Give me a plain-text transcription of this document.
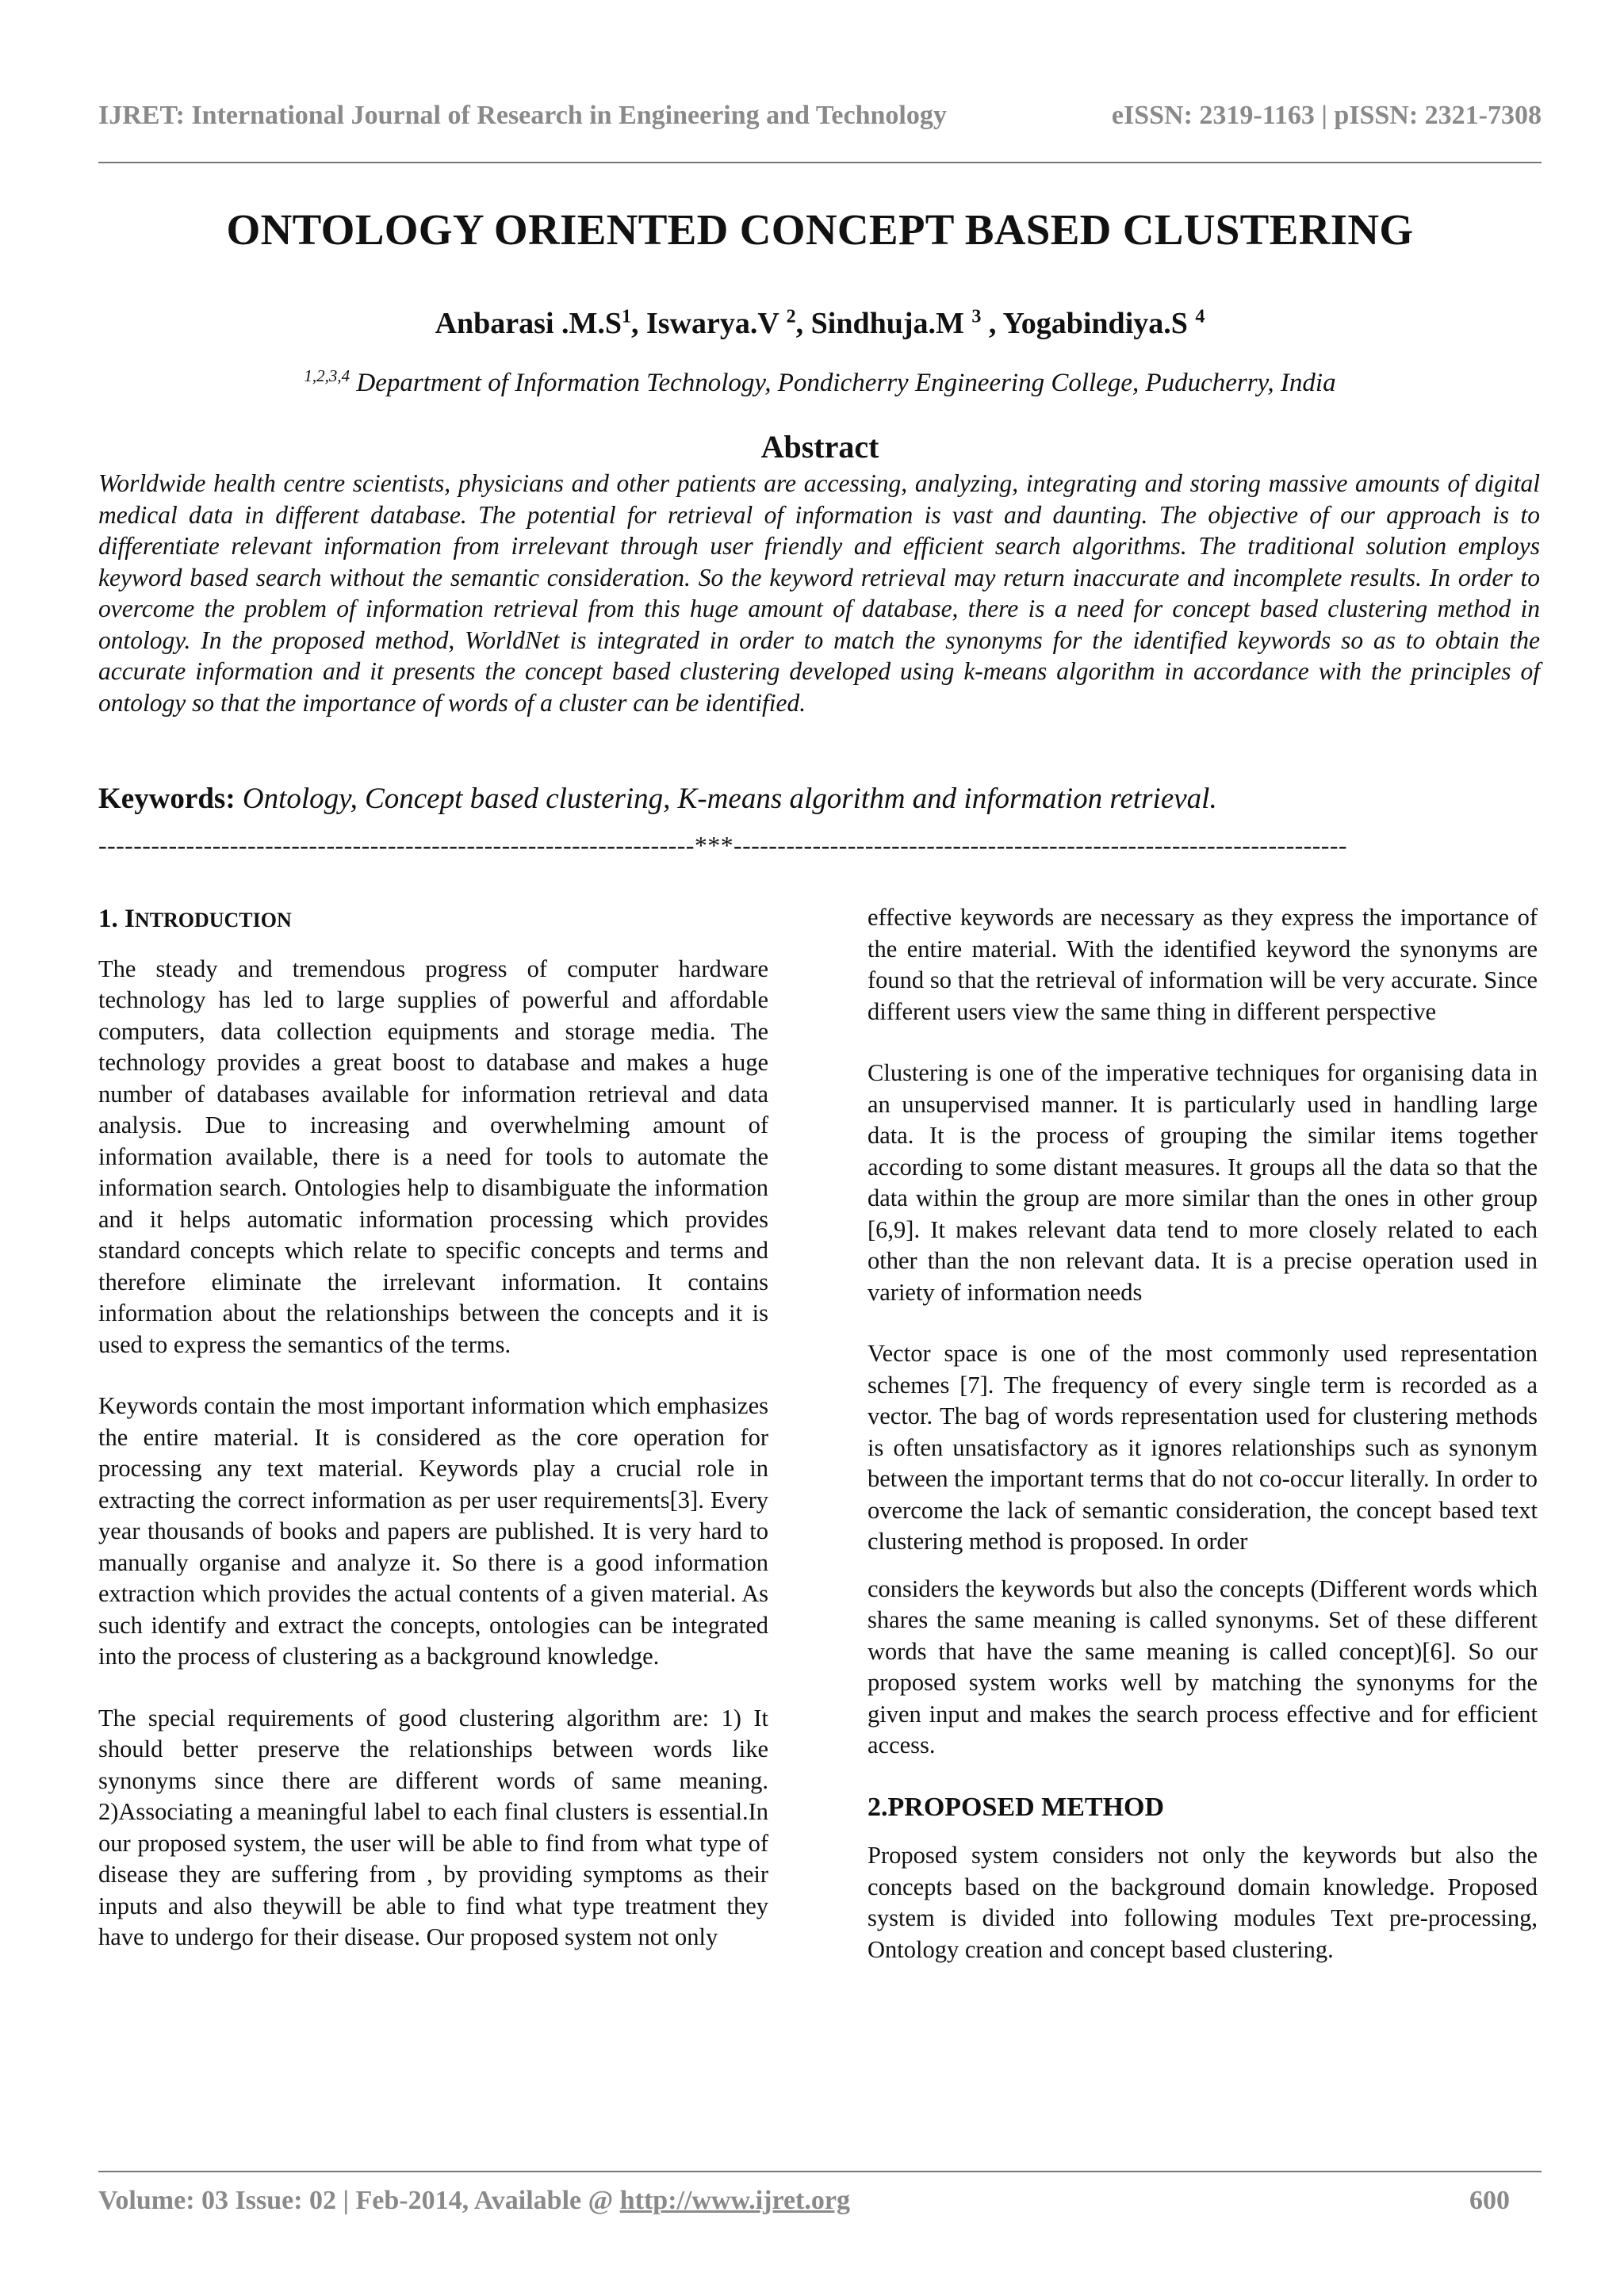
IJRET: International Journal of Research in Engineering and Technology	eISSN: 2319-1163 | pISSN: 2321-7308
ONTOLOGY ORIENTED CONCEPT BASED CLUSTERING
Anbarasi $.M.S^1$, Iswarya.V $^2$, Sindhuja.M $^3$ , Yogabindiya.S $^4$
$^{1,2,3,4}$ Department of Information Technology, Pondicherry Engineering College, Puducherry, India
Abstract
Worldwide health centre scientists, physicians and other patients are accessing, analyzing, integrating and storing massive amounts of digital medical data in different database. The potential for retrieval of information is vast and daunting. The objective of our approach is to differentiate relevant information from irrelevant through user friendly and efficient search algorithms. The traditional solution employs keyword based search without the semantic consideration. So the keyword retrieval may return inaccurate and incomplete results. In order to overcome the problem of information retrieval from this huge amount of database, there is a need for concept based clustering method in ontology. In the proposed method, WorldNet is integrated in order to match the synonyms for the identified keywords so as to obtain the accurate information and it presents the concept based clustering developed using k-means algorithm in accordance with the principles of ontology so that the importance of words of a cluster can be identified.
Keywords: Ontology, Concept based clustering, K-means algorithm and information retrieval.
--------------------------------------------------------------------***----------------------------------------------------------------------
1. INTRODUCTION

The steady and tremendous progress of computer hardware technology has led to large supplies of powerful and affordable computers, data collection equipments and storage media. The technology provides a great boost to database and makes a huge number of databases available for information retrieval and data analysis. Due to increasing and overwhelming amount of information available, there is a need for tools to automate the information search. Ontologies help to disambiguate the information and it helps automatic information processing which provides standard concepts which relate to specific concepts and terms and therefore eliminate the irrelevant information. It contains information about the relationships between the concepts and it is used to express the semantics of the terms.

Keywords contain the most important information which emphasizes the entire material. It is considered as the core operation for processing any text material. Keywords play a crucial role in extracting the correct information as per user requirements[3]. Every year thousands of books and papers are published. It is very hard to manually organise and analyze it. So there is a good information extraction which provides the actual contents of a given material. As such identify and extract the concepts, ontologies can be integrated into the process of clustering as a background knowledge.

The special requirements of good clustering algorithm are: 1) It should better preserve the relationships between words like synonyms since there are different words of same meaning. 2)Associating a meaningful label to each final clusters is essential.In our proposed system, the user will be able to find from what type of disease they are suffering from , by providing symptoms as their inputs and also theywill be able to find what type treatment they have to undergo for their disease. Our proposed system not only

effective keywords are necessary as they express the importance of the entire material. With the identified keyword the synonyms are found so that the retrieval of information will be very accurate. Since different users view the same thing in different perspective

Clustering is one of the imperative techniques for organising data in an unsupervised manner. It is particularly used in handling large data. It is the process of grouping the similar items together according to some distant measures. It groups all the data so that the data within the group are more similar than the ones in other group [6,9]. It makes relevant data tend to more closely related to each other than the non relevant data. It is a precise operation used in variety of information needs

Vector space is one of the most commonly used representation schemes [7]. The frequency of every single term is recorded as a vector. The bag of words representation used for clustering methods is often unsatisfactory as it ignores relationships such as synonym between the important terms that do not co-occur literally. In order to overcome the lack of semantic consideration, the concept based text clustering method is proposed. In order

considers the keywords but also the concepts (Different words which shares the same meaning is called synonyms. Set of these different words that have the same meaning is called concept)[6]. So our proposed system works well by matching the synonyms for the given input and makes the search process effective and for efficient access.

2.PROPOSED METHOD

Proposed system considers not only the keywords but also the concepts based on the background domain knowledge. Proposed system is divided into following modules Text pre-processing, Ontology creation and concept based clustering.

Volume: 03 Issue: 02 | Feb-2014, Available @ http://www.ijret.org	600
